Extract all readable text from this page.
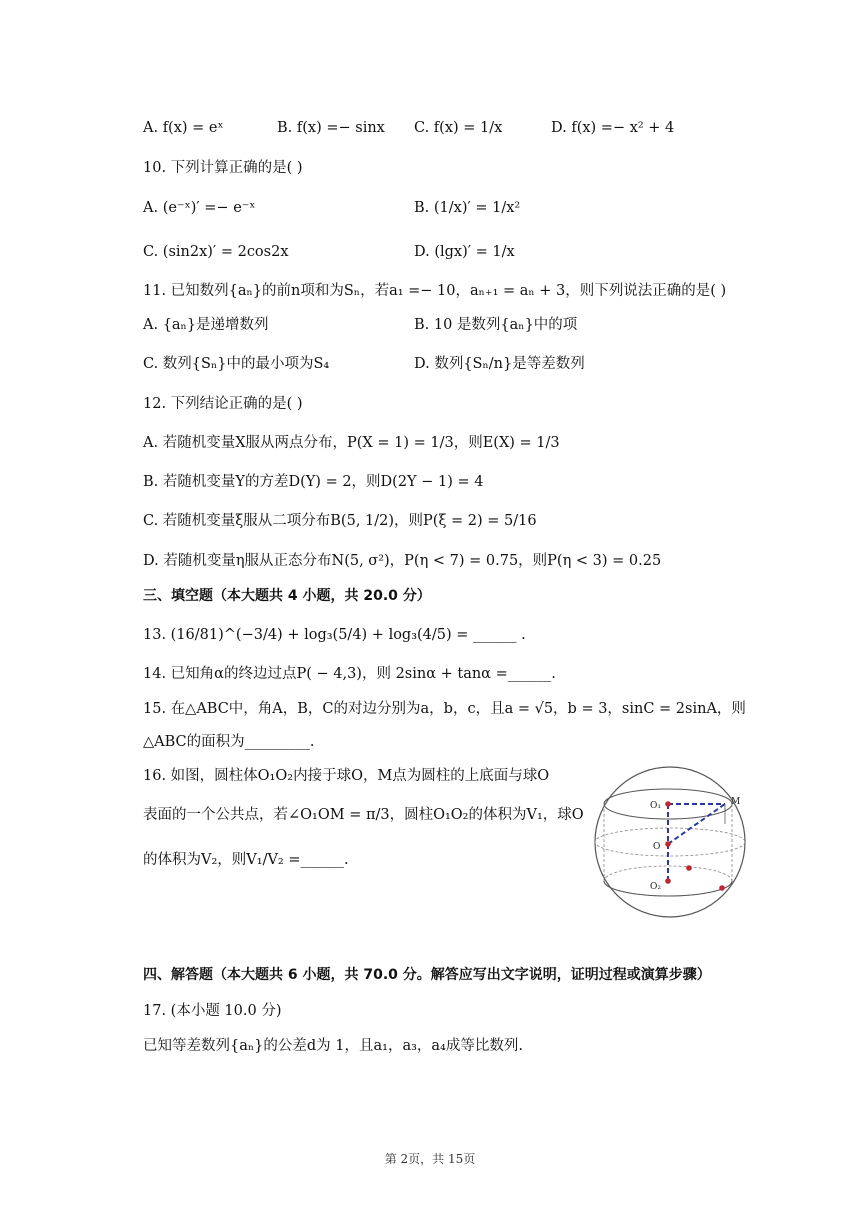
A. f(x) = eˣ	B. f(x) =− sinx C. f(x) = 1/x	D. f(x) =− x² + 4
10. 下列计算正确的是( )
A. (e⁻ˣ)′ =− e⁻ˣ	B. (1/x)′ = 1/x²
C. (sin2x)′ = 2cos2x	D. (lgx)′ = 1/x
11. 已知数列{aₙ}的前n项和为Sₙ，若a₁ =− 10，aₙ₊₁ = aₙ + 3，则下列说法正确的是( )
A. {aₙ}是递增数列	B. 10 是数列{aₙ}中的项
C. 数列{Sₙ}中的最小项为S₄	D. 数列{Sₙ/n}是等差数列
12. 下列结论正确的是( )
A. 若随机变量X服从两点分布，P(X = 1) = 1/3，则E(X) = 1/3
B. 若随机变量Y的方差D(Y) = 2，则D(2Y − 1) = 4
C. 若随机变量ξ服从二项分布B(5, 1/2)，则P(ξ = 2) = 5/16
D. 若随机变量η服从正态分布N(5, σ²)，P(η < 7) = 0.75，则P(η < 3) = 0.25
三、填空题（本大题共 4 小题，共 20.0 分）
13. (16/81)^(−3/4) + log₃(5/4) + log₃(4/5) = ______ .
14. 已知角α的终边过点P( − 4,3)，则 2sinα + tanα =______.
15. 在△ABC中，角A，B，C的对边分别为a，b，c，且a = √5，b = 3，sinC = 2sinA，则
△ABC的面积为_________.
16. 如图，圆柱体O₁O₂内接于球O，M点为圆柱的上底面与球O
表面的一个公共点，若∠O₁OM = π/3，圆柱O₁O₂的体积为V₁，球O
的体积为V₂，则V₁/V₂ =______.
O₁
O
O₂
M
四、解答题（本大题共 6 小题，共 70.0 分。解答应写出文字说明，证明过程或演算步骤）
17. (本小题 10.0 分)
已知等差数列{aₙ}的公差d为 1，且a₁，a₃，a₄成等比数列.
第 2页，共 15页
